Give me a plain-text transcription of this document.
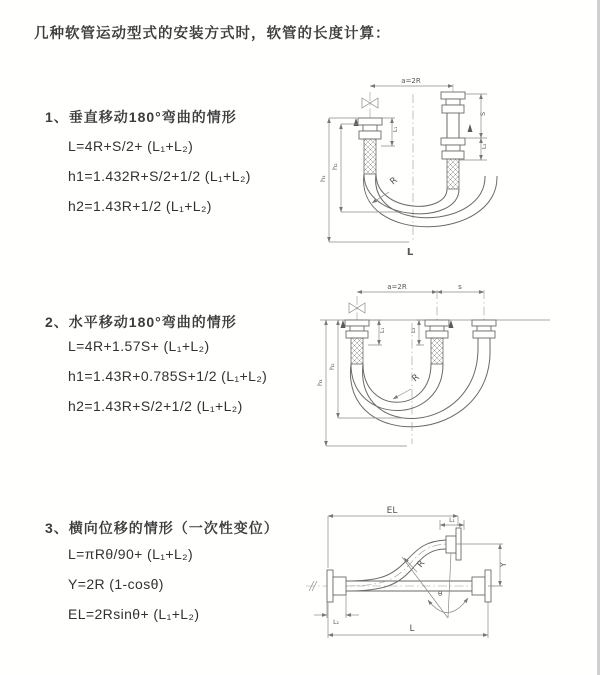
几种软管运动型式的安装方式时，软管的长度计算：
1、垂直移动180°弯曲的情形
L=4R+S/2+ (L₁+L₂)
h1=1.432R+S/2+1/2 (L₁+L₂)
h2=1.43R+1/2 (L₁+L₂)
R
a=2R
h₁
h₂
S
L₂
L₁
L
2、水平移动180°弯曲的情形
L=4R+1.57S+ (L₁+L₂)
h1=1.43R+0.785S+1/2 (L₁+L₂)
h2=1.43R+S/2+1/2 (L₁+L₂)
R
a=2R	s
h₁
h₂
L₁	L₂
3、横向位移的情形（一次性变位）
L=πRθ/90+ (L₁+L₂)
Y=2R (1-cosθ)
EL=2Rsinθ+ (L₁+L₂)
θ
R
EL
L₁
Y
L
L₂
